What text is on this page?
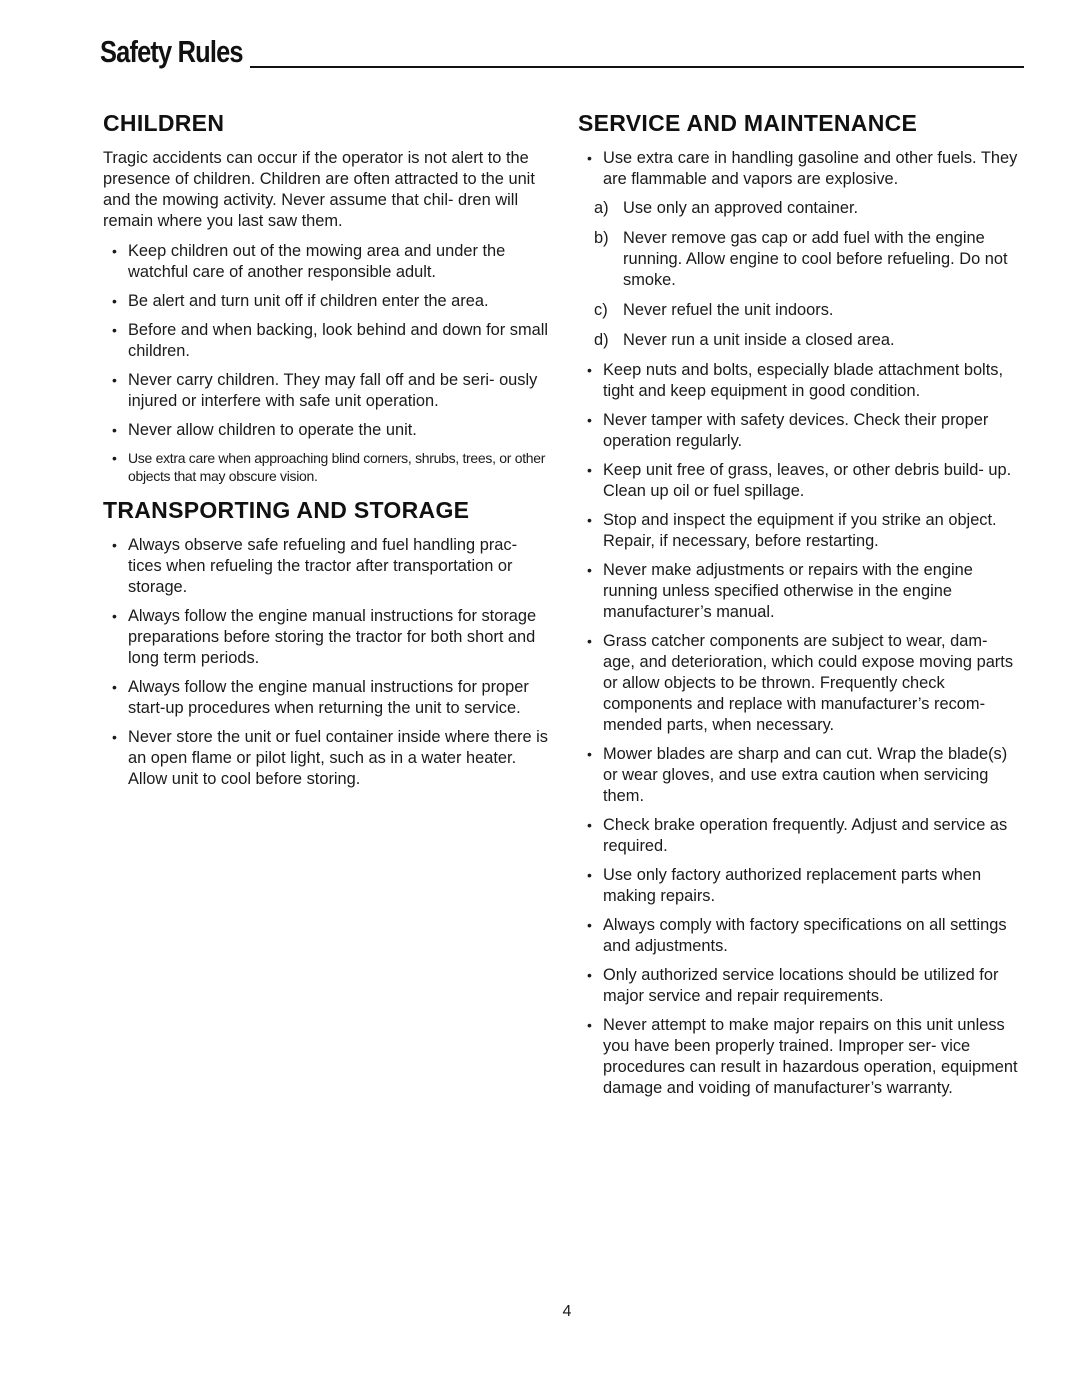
Safety Rules
CHILDREN

Tragic accidents can occur if the operator is not alert to the presence of children. Children are often attracted to the unit and the mowing activity. Never assume that chil- dren will remain where you last saw them.

• Keep children out of the mowing area and under the watchful care of another responsible adult.
• Be alert and turn unit off if children enter the area.
• Before and when backing, look behind and down for small children.
• Never carry children. They may fall off and be seri- ously injured or interfere with safe unit operation.
• Never allow children to operate the unit.
• Use extra care when approaching blind corners, shrubs, trees, or other objects that may obscure vision.
TRANSPORTING AND STORAGE
• Always observe safe refueling and fuel handling prac- tices when refueling the tractor after transportation or storage.
• Always follow the engine manual instructions for storage preparations before storing the tractor for both short and long term periods.
• Always follow the engine manual instructions for proper start-up procedures when returning the unit to service.
• Never store the unit or fuel container inside where there is an open flame or pilot light, such as in a water heater. Allow unit to cool before storing.
SERVICE AND MAINTENANCE
• Use extra care in handling gasoline and other fuels. They are flammable and vapors are explosive.
a) Use only an approved container.
b) Never remove gas cap or add fuel with the engine running. Allow engine to cool before refueling. Do not smoke.
c) Never refuel the unit indoors.
d) Never run a unit inside a closed area.
• Keep nuts and bolts, especially blade attachment bolts, tight and keep equipment in good condition.
• Never tamper with safety devices. Check their proper operation regularly.
• Keep unit free of grass, leaves, or other debris build- up. Clean up oil or fuel spillage.
• Stop and inspect the equipment if you strike an object. Repair, if necessary, before restarting.
• Never make adjustments or repairs with the engine running unless specified otherwise in the engine manufacturer’s manual.
• Grass catcher components are subject to wear, dam- age, and deterioration, which could expose moving parts or allow objects to be thrown. Frequently check components and replace with manufacturer’s recom- mended parts, when necessary.
• Mower blades are sharp and can cut. Wrap the blade(s) or wear gloves, and use extra caution when servicing them.
• Check brake operation frequently. Adjust and service as required.
• Use only factory authorized replacement parts when making repairs.
• Always comply with factory specifications on all settings and adjustments.
• Only authorized service locations should be utilized for major service and repair requirements.
• Never attempt to make major repairs on this unit unless you have been properly trained. Improper ser- vice procedures can result in hazardous operation, equipment damage and voiding of manufacturer’s warranty.
4
